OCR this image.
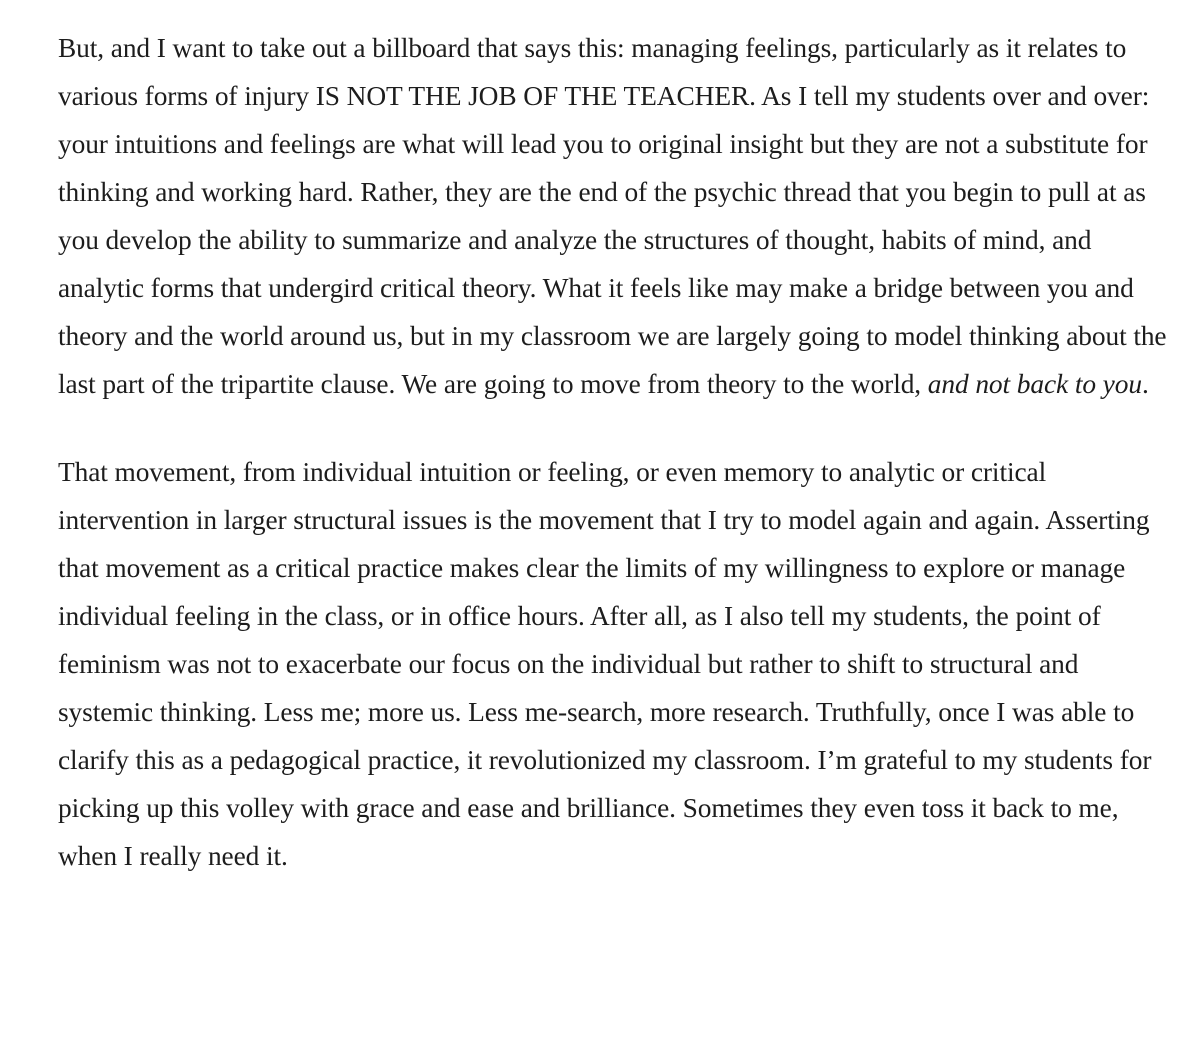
But, and I want to take out a billboard that says this: managing feelings, particularly as it relates to various forms of injury IS NOT THE JOB OF THE TEACHER. As I tell my students over and over: your intuitions and feelings are what will lead you to original insight but they are not a substitute for thinking and working hard. Rather, they are the end of the psychic thread that you begin to pull at as you develop the ability to summarize and analyze the structures of thought, habits of mind, and analytic forms that undergird critical theory. What it feels like may make a bridge between you and theory and the world around us, but in my classroom we are largely going to model thinking about the last part of the tripartite clause. We are going to move from theory to the world, and not back to you.

That movement, from individual intuition or feeling, or even memory to analytic or critical intervention in larger structural issues is the movement that I try to model again and again. Asserting that movement as a critical practice makes clear the limits of my willingness to explore or manage individual feeling in the class, or in office hours. After all, as I also tell my students, the point of feminism was not to exacerbate our focus on the individual but rather to shift to structural and systemic thinking. Less me; more us. Less me-search, more research. Truthfully, once I was able to clarify this as a pedagogical practice, it revolutionized my classroom. I’m grateful to my students for picking up this volley with grace and ease and brilliance. Sometimes they even toss it back to me, when I really need it.
